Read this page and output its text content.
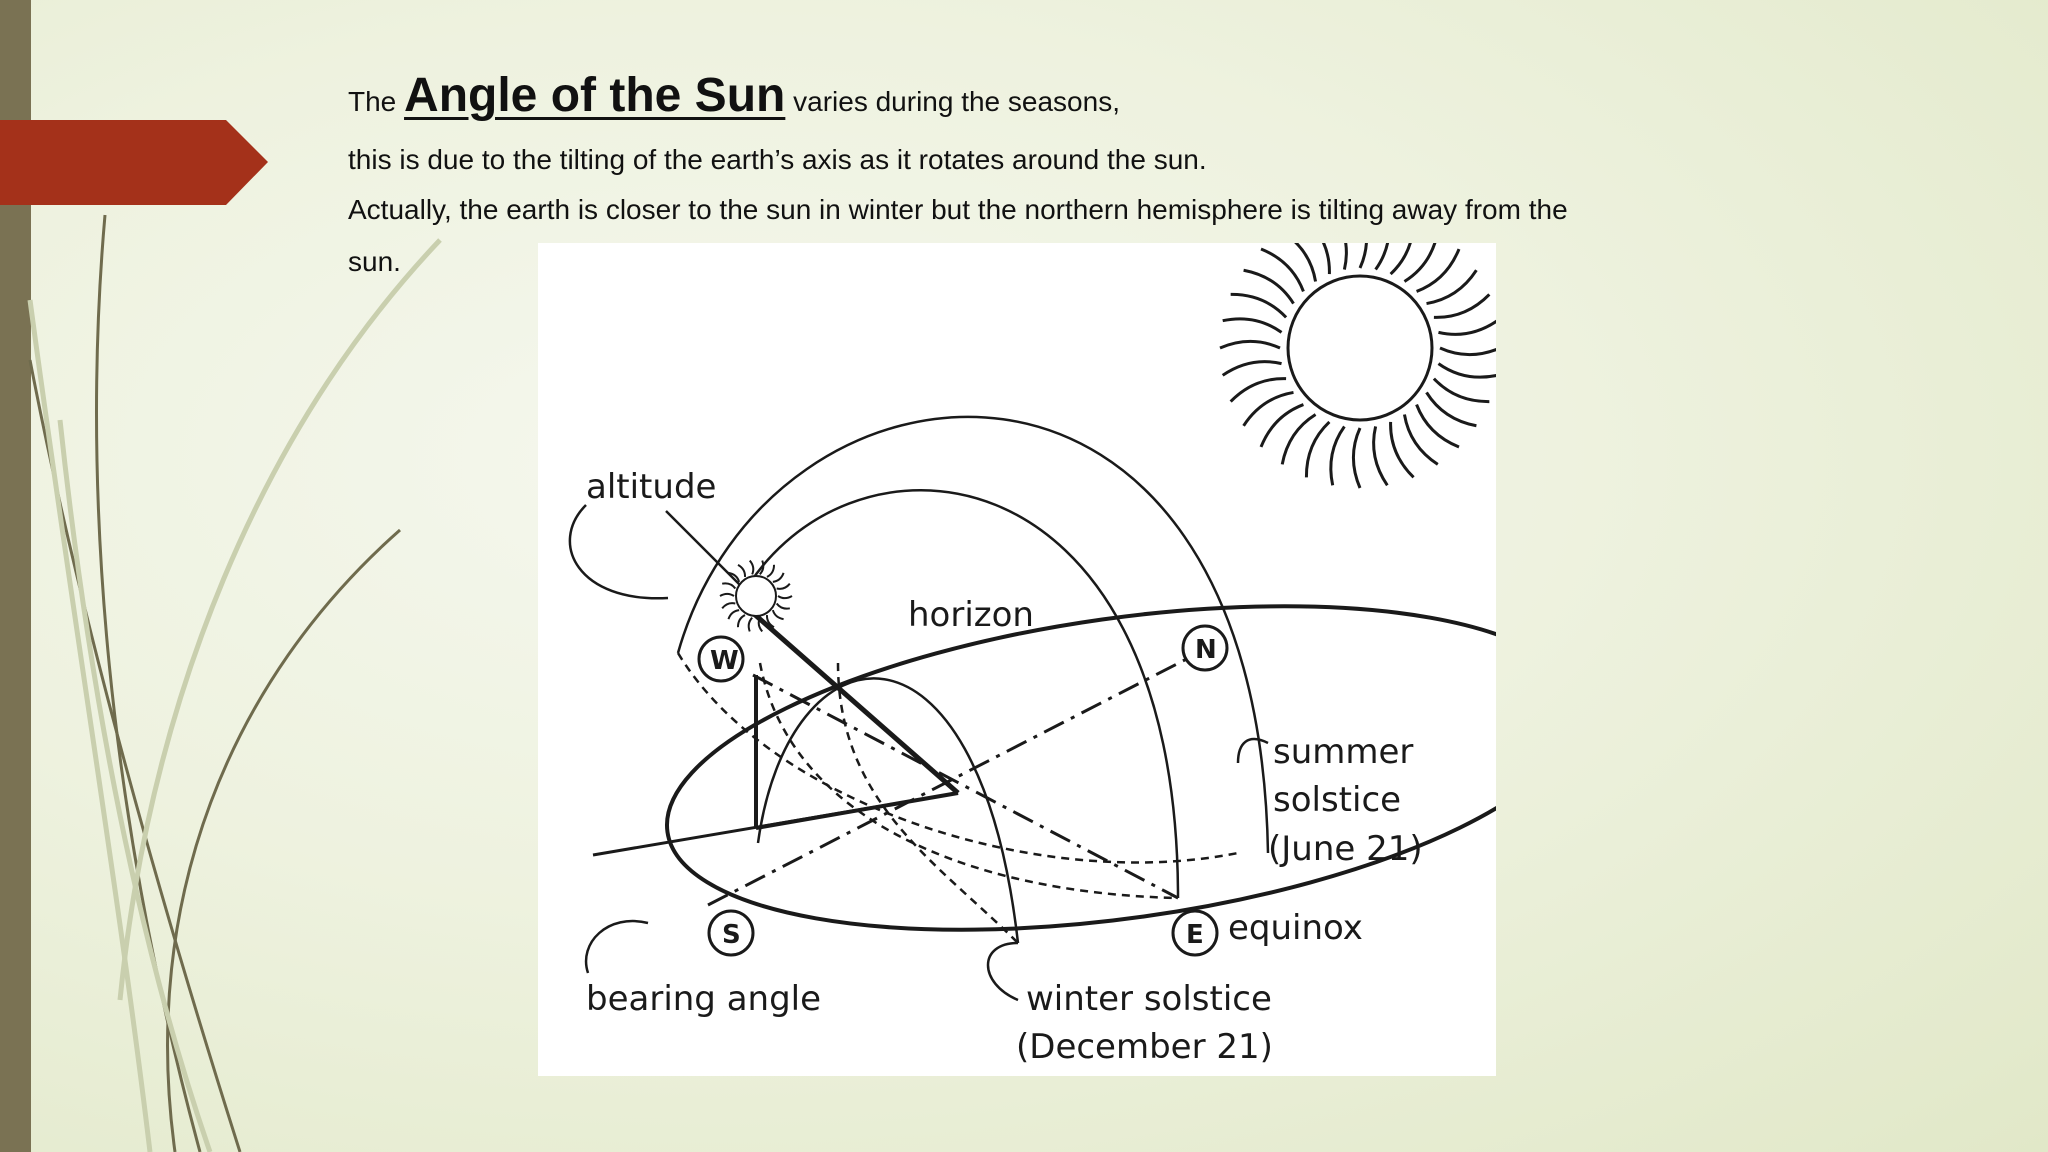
The Angle of the Sun varies during the seasons,
this is due to the tilting of the earth’s axis as it rotates around the sun.
Actually, the earth is closer to the sun in winter but the northern hemisphere is tilting away from the
sun.
W	N
S	E
altitude
horizon
summer
solstice
(June 21)
equinox
winter solstice
(December 21)
bearing angle
